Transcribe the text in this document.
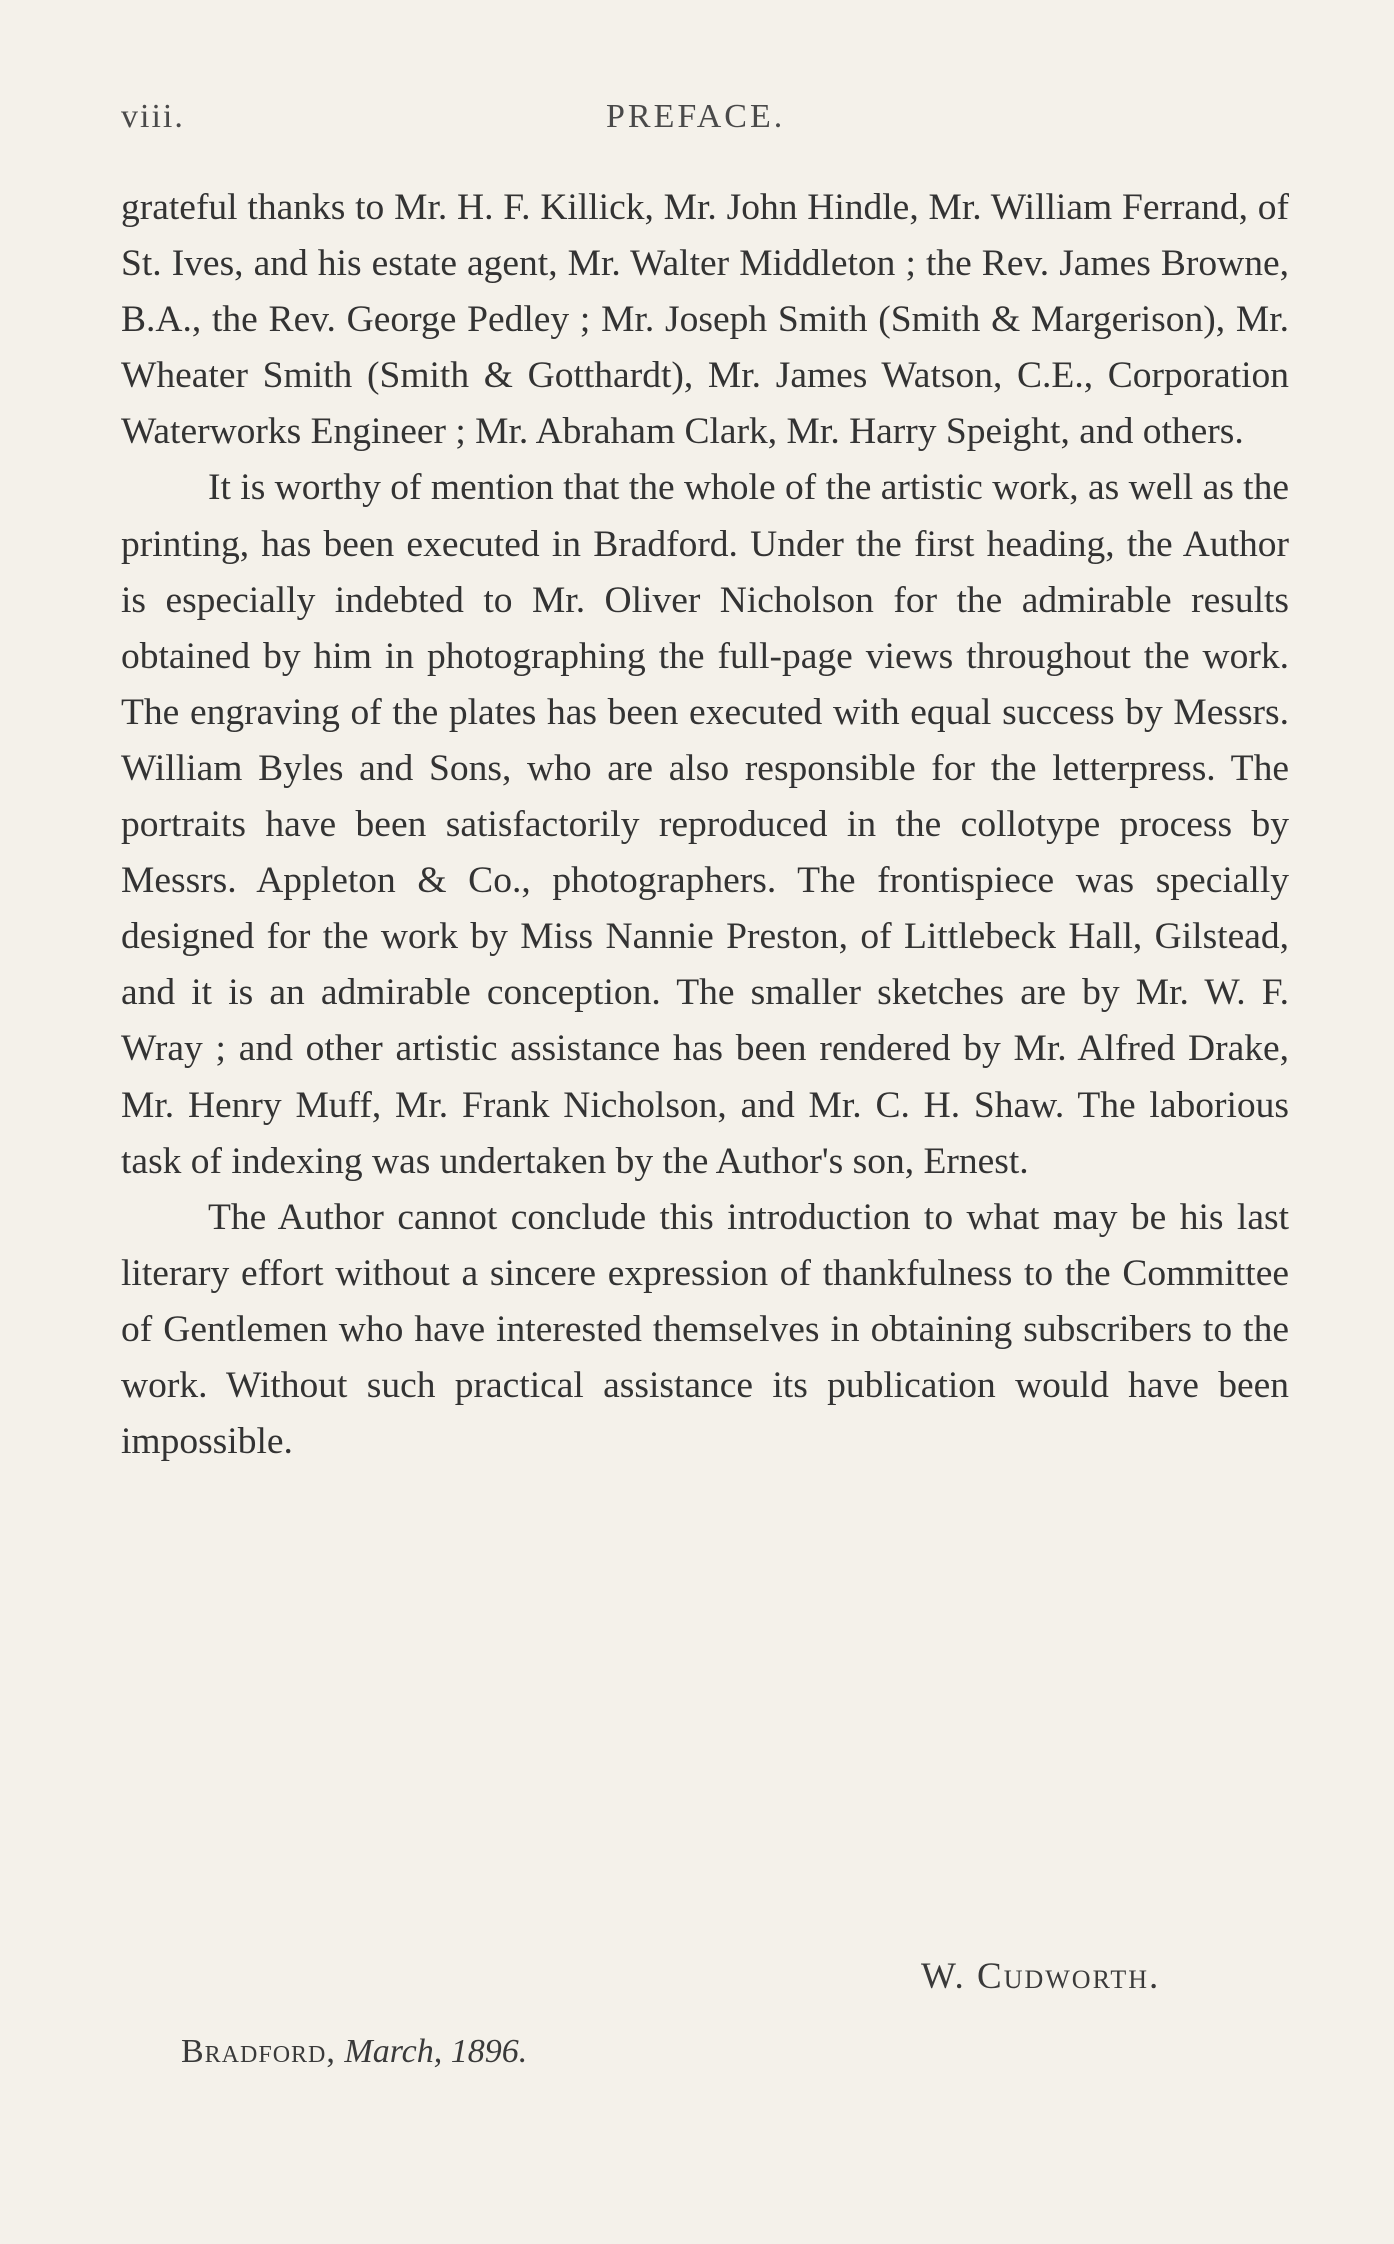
viii.	PREFACE.

grateful thanks to Mr. H. F. Killick, Mr. John Hindle, Mr. William Ferrand, of St. Ives, and his estate agent, Mr. Walter Middleton ; the Rev. James Browne, B.A., the Rev. George Pedley ; Mr. Joseph Smith (Smith & Margerison), Mr. Wheater Smith (Smith & Gotthardt), Mr. James Watson, C.E., Corporation Waterworks Engineer ; Mr. Abraham Clark, Mr. Harry Speight, and others.

It is worthy of mention that the whole of the artistic work, as well as the printing, has been executed in Bradford. Under the first heading, the Author is especially indebted to Mr. Oliver Nicholson for the admirable results obtained by him in photographing the full-page views throughout the work. The engraving of the plates has been executed with equal success by Messrs. William Byles and Sons, who are also responsible for the letterpress. The portraits have been satisfactorily reproduced in the collotype process by Messrs. Appleton & Co., photographers. The frontispiece was specially designed for the work by Miss Nannie Preston, of Littlebeck Hall, Gilstead, and it is an admirable conception. The smaller sketches are by Mr. W. F. Wray ; and other artistic assistance has been rendered by Mr. Alfred Drake, Mr. Henry Muff, Mr. Frank Nicholson, and Mr. C. H. Shaw. The laborious task of indexing was undertaken by the Author's son, Ernest.

The Author cannot conclude this introduction to what may be his last literary effort without a sincere expression of thankfulness to the Committee of Gentlemen who have interested themselves in obtaining subscribers to the work. Without such practical assistance its publication would have been impossible.

W. Cudworth.
Bradford, March, 1896.
